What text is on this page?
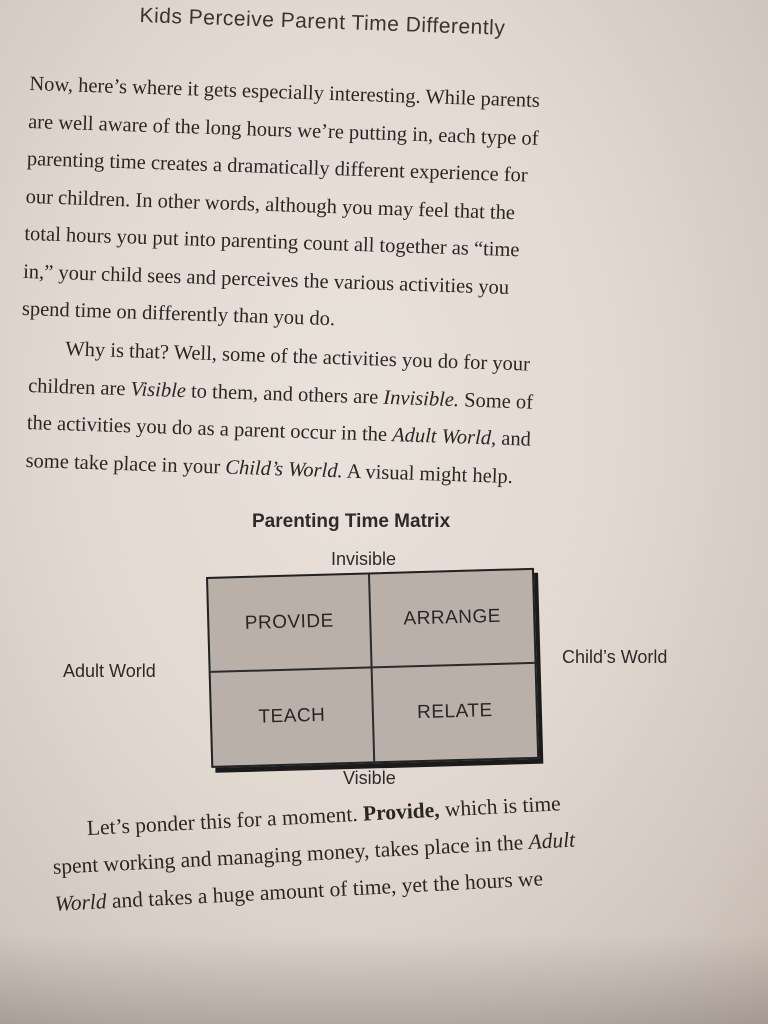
Kids Perceive Parent Time Differently
Now, here’s where it gets especially interesting. While parents
are well aware of the long hours we’re putting in, each type of
parenting time creates a dramatically different experience for
our children. In other words, although you may feel that the
total hours you put into parenting count all together as “time
in,” your child sees and perceives the various activities you
spend time on differently than you do.
Why is that? Well, some of the activities you do for your
children are Visible to them, and others are Invisible. Some of
the activities you do as a parent occur in the Adult World, and
some take place in your Child’s World. A visual might help.
Parenting Time Matrix
Invisible
Adult World
Child’s World
Visible
PROVIDE	ARRANGE
TEACH	RELATE
Let’s ponder this for a moment. Provide, which is time
spent working and managing money, takes place in the Adult
World and takes a huge amount of time, yet the hours we
